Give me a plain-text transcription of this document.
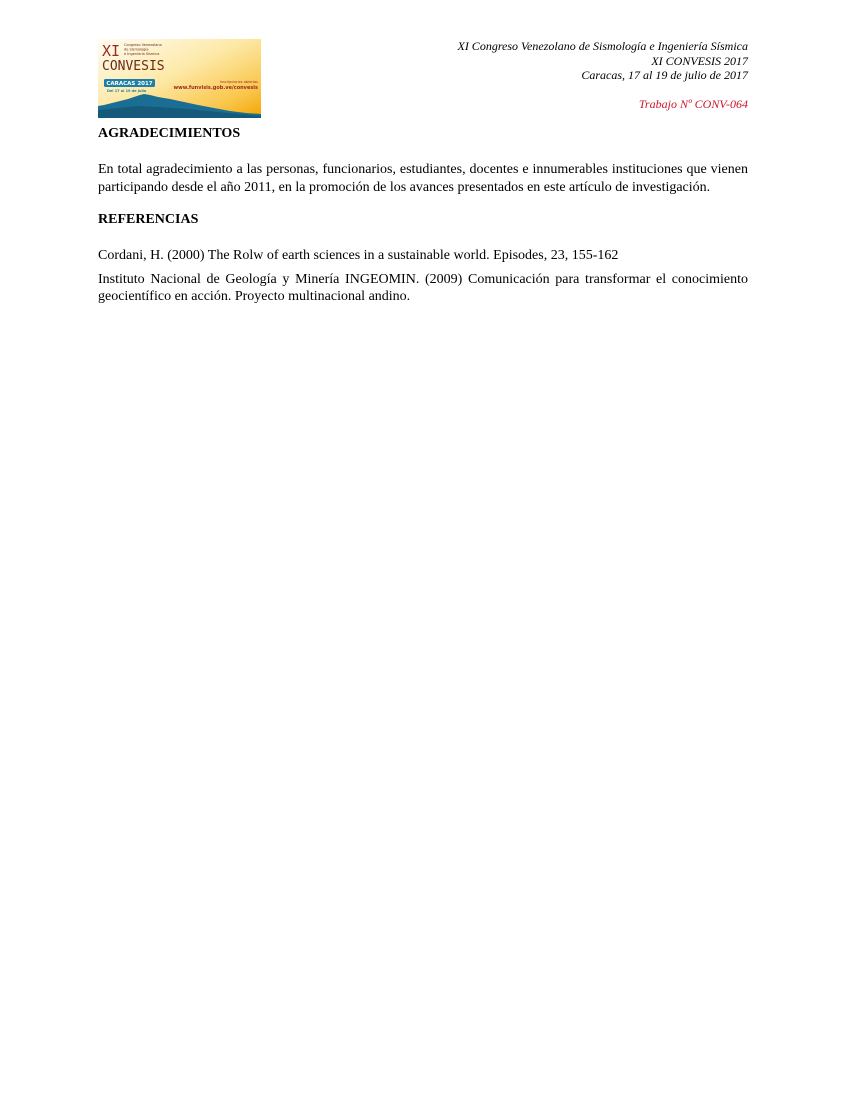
XI Congreso Venezolano
de Sismología
e Ingeniería Sísmica
CONVESIS
CARACAS 2017
Del 17 al 19 de julio
Inscripciones abiertas
www.funvisis.gob.ve/convesis
XI Congreso Venezolano de Sismología e Ingeniería Sísmica
XI CONVESIS 2017
Caracas, 17 al 19 de julio de 2017
Trabajo Nº CONV-064
AGRADECIMIENTOS

En total agradecimiento a las personas, funcionarios, estudiantes, docentes e innumerables instituciones que vienen participando desde el año 2011, en la promoción de los avances presentados en este artículo de investigación.

REFERENCIAS

Cordani, H. (2000) The Rolw of earth sciences in a sustainable world. Episodes, 23, 155-162

Instituto Nacional de Geología y Minería INGEOMIN. (2009) Comunicación para transformar el conocimiento geocientífico en acción. Proyecto multinacional andino.
